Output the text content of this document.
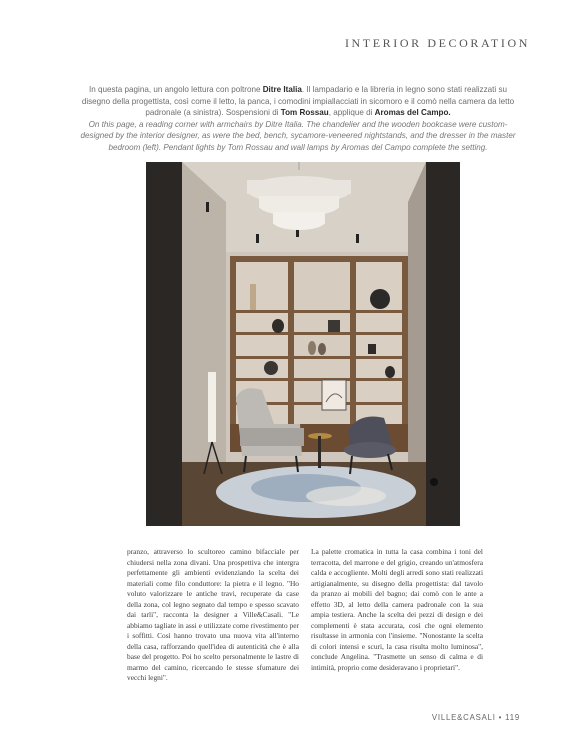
INTERIOR DECORATION

In questa pagina, un angolo lettura con poltrone Ditre Italia. Il lampadario e la libreria in legno sono stati realizzati su disegno della progettista, così come il letto, la panca, i comodini impiallacciati in sicomoro e il comò nella camera da letto padronale (a sinistra). Sospensioni di Tom Rossau, applique di Aromas del Campo.

On this page, a reading corner with armchairs by Ditre Italia. The chandelier and the wooden bookcase were custom-designed by the interior designer, as were the bed, bench, sycamore-veneered nightstands, and the dresser in the master bedroom (left). Pendant lights by Tom Rossau and wall lamps by Aromas del Campo complete the setting.

pranzo, attraverso lo scultoreo camino bifacciale per chiudersi nella zona divani. Una prospettiva che intergra perfettamente gli ambienti evidenziando la scelta dei materiali come filo conduttore: la pietra e il legno. "Ho voluto valorizzare le antiche travi, recuperate da case della zona, col legno segnato dal tempo e spesso scavato dai tarli", racconta la designer a Ville&Casali. "Le abbiamo tagliate in assi e utilizzate come rivestimento per i soffitti. Così hanno trovato una nuova vita all'interno della casa, rafforzando quell'idea di autenticità che è alla base del progetto. Poi ho scelto personalmente le lastre di marmo del camino, ricercando le stesse sfumature dei vecchi legni".

La palette cromatica in tutta la casa combina i toni del terracotta, del marrone e del grigio, creando un'atmosfera calda e accogliente. Molti degli arredi sono stati realizzati artigianalmente, su disegno della progettista: dal tavolo da pranzo ai mobili del bagno; dai comò con le ante a effetto 3D, al letto della camera padronale con la sua ampia testiera. Anche la scelta dei pezzi di design e dei complementi è stata accurata, così che ogni elemento risultasse in armonia con l'insieme. "Nonostante la scelta di colori intensi e scuri, la casa risulta molto luminosa", conclude Angelina. "Trasmette un senso di calma e di intimità, proprio come desideravano i proprietari".

VILLE&CASALI • 119
